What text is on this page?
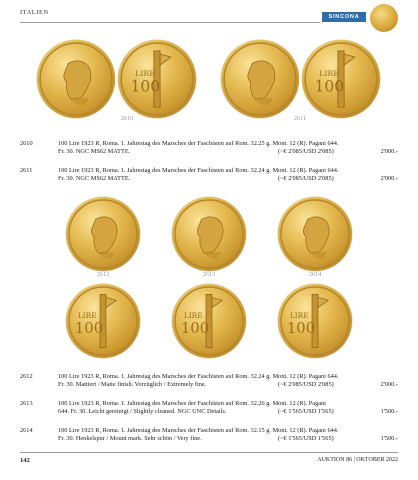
ITALIEN
SINCONA
LIRE
100
2610
LIRE
100
2611
2610	100 Lire 1923 R, Roma. 1. Jahrestag des Marsches der Faschisten auf Rom. 32.25 g. Mont. 12 (R). Pagani 644.
Fr. 30. NGC MS62 MATTE.	(~€ 2'085/USD 2'085)	2'000.-
2611	100 Lire 1923 R, Roma. 1. Jahrestag des Marsches der Faschisten auf Rom. 32.24 g. Mont. 12 (R). Pagani 644.
Fr. 30. NGC MS62 MATTE.	(~€ 2'085/USD 2'085)	2'000.-
2612	2613	2614
LIRE
100
LIRE
100
LIRE
100
2612	100 Lire 1923 R, Roma. 1. Jahrestag des Marsches der Faschisten auf Rom. 32.24 g. Mont. 12 (R). Pagani 644.
Fr. 30. Mattiert / Matte finish. Vorzüglich / Extremely fine.	(~€ 2'085/USD 2'085)	2'000.-
2613	100 Lire 1923 R, Roma. 1. Jahrestag des Marsches der Faschisten auf Rom. 32.26 g. Mont. 12 (R). Pagani
644. Fr. 30. Leicht gereinigt / Slightly cleaned. NGC UNC Details.	(~€ 1'565/USD 1'565)	1'500.-
2614	100 Lire 1923 R, Roma. 1. Jahrestag des Marsches der Faschisten auf Rom. 32.15 g. Mont. 12 (R). Pagani 644.
Fr. 30. Henkelspur / Mount mark. Sehr schön / Very fine.	(~€ 1'565/USD 1'565)	1'500.-
142	AUKTION 86 | OKTOBER 2022
